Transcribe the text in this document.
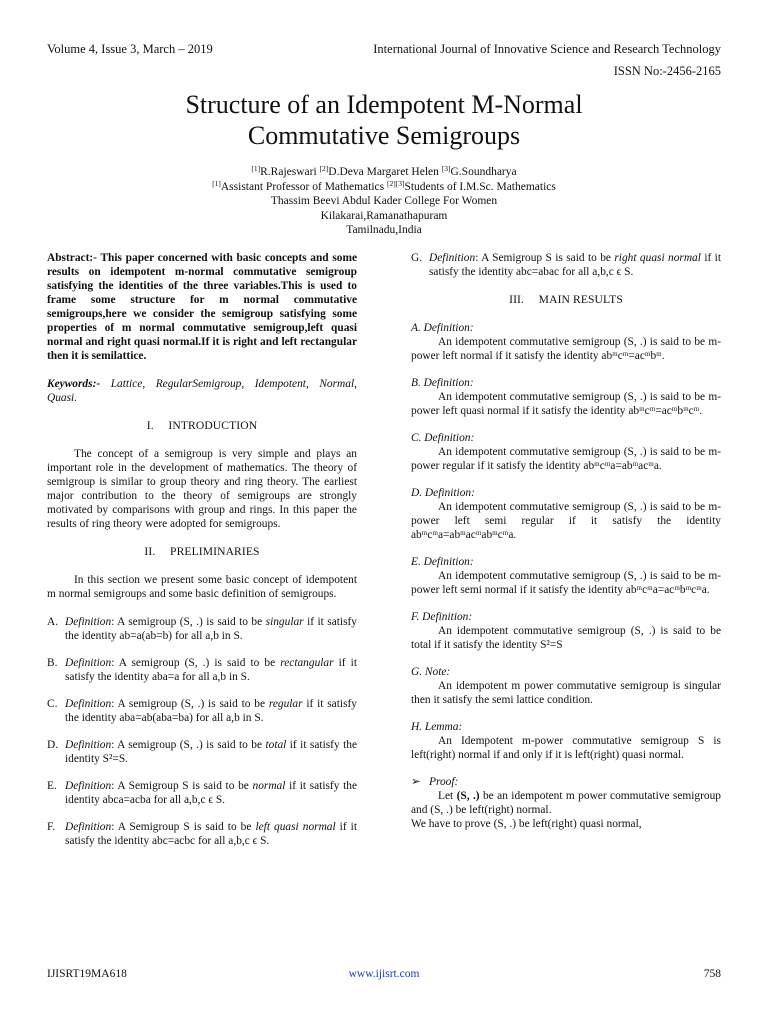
Volume 4, Issue 3, March – 2019	International Journal of Innovative Science and Research Technology
ISSN No:-2456-2165
Structure of an Idempotent M-Normal
Commutative Semigroups
[1]R.Rajeswari [2]D.Deva Margaret Helen [3]G.Soundharya
[1]Assistant Professor of Mathematics [2][3]Students of I.M.Sc. Mathematics
Thassim Beevi Abdul Kader College For Women
Kilakarai,Ramanathapuram
Tamilnadu,India

Abstract:- This paper concerned with basic concepts and some results on idempotent m-normal commutative semigroup satisfying the identities of the three variables.This is used to frame some structure for m normal commutative semigroups,here we consider the semigroup satisfying some properties of m normal commutative semigroup,left quasi normal and right quasi normal.If it is right and left rectangular then it is semilattice.

Keywords:- Lattice, RegularSemigroup, Idempotent, Normal, Quasi.

I.  INTRODUCTION

The concept of a semigroup is very simple and plays an important role in the development of mathematics. The theory of semigroup is similar to group theory and ring theory. The earliest major contribution to the theory of semigroups are strongly motivated by comparisons with group and rings. In this paper the results of ring theory were adopted for semigroups.

II.  PRELIMINARIES

In this section we present some basic concept of idempotent m normal semigroups and some basic definition of semigroups.

A. Definition: A semigroup (S, .) is said to be singular if it satisfy the identity ab=a(ab=b) for all a,b in S.
B. Definition: A semigroup (S, .) is said to be rectangular if it satisfy the identity aba=a for all a,b in S.
C. Definition: A semigroup (S, .) is said to be regular if it satisfy the identity aba=ab(aba=ba) for all a,b in S.
D. Definition: A semigroup (S, .) is said to be total if it satisfy the identity S²=S.
E. Definition: A Semigroup S is said to be normal if it satisfy the identity abca=acba for all a,b,c ϵ S.
F. Definition: A Semigroup S is said to be left quasi normal if it satisfy the identity abc=acbc for all a,b,c ϵ S.
G. Definition: A Semigroup S is said to be right quasi normal if it satisfy the identity abc=abac for all a,b,c ϵ S.
III.  MAIN RESULTS
A. Definition:
An idempotent commutative semigroup (S, .) is said to be m-power left normal if it satisfy the identity abᵐcᵐ=acᵐbᵐ.
B. Definition:
An idempotent commutative semigroup (S, .) is said to be m-power left quasi normal if it satisfy the identity abᵐcᵐ=acᵐbᵐcᵐ.
C. Definition:
An idempotent commutative semigroup (S, .) is said to be m-power regular if it satisfy the identity abᵐcᵐa=abᵐacᵐa.
D. Definition:
An idempotent commutative semigroup (S, .) is said to be m-power left semi regular if it satisfy the identity abᵐcᵐa=abᵐacᵐabᵐcᵐa.
E. Definition:
An idempotent commutative semigroup (S, .) is said to be m-power left semi normal if it satisfy the identity abᵐcᵐa=acᵐbᵐcᵐa.
F. Definition:
An idempotent commutative semigroup (S, .) is said to be total if it satisfy the identity S²=S
G. Note:
An idempotent m power commutative semigroup is singular then it satisfy the semi lattice condition.
H. Lemma:
An Idempotent m-power commutative semigroup S is left(right) normal if and only if it is left(right) quasi normal.
➢ Proof:

Let (S, .) be an idempotent m power commutative semigroup and (S, .) be left(right) normal.

We have to prove (S, .) be left(right) quasi normal,

IJISRT19MA618	www.ijisrt.com	758
